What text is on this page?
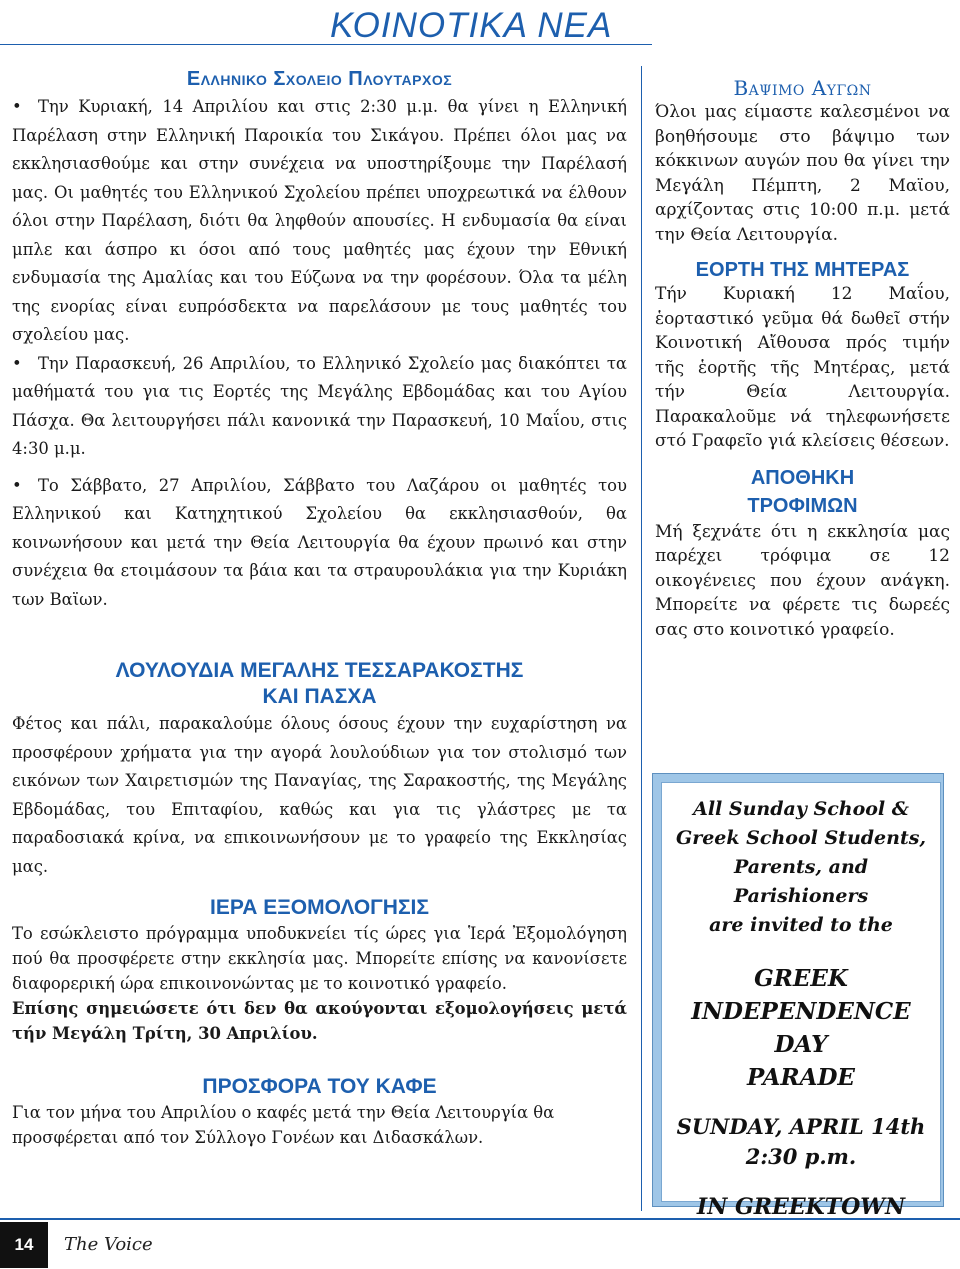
ΚΟΙΝΟΤΙΚΑ ΝΕΑ
Ελληνικο Σχολειο Πλουταρχος

• Την Κυριακή, 14 Απριλίου και στις 2:30 μ.μ. θα γίνει η Ελληνική Παρέλαση στην Ελληνική Παροικία του Σικάγου. Πρέπει όλοι μας να εκκλησιασθούμε και στην συνέχεια να υποστηρίξουμε την Παρέλασή μας. Οι μαθητές του Ελληνικού Σχολείου πρέπει υποχρεωτικά να έλθουν όλοι στην Παρέλαση, διότι θα ληφθούν απουσίες. Η ενδυμασία θα είναι μπλε και άσπρο κι όσοι από τους μαθητές μας έχουν την Εθνική ενδυμασία της Αμαλίας και του Εύζωνα να την φορέσουν. Όλα τα μέλη της ενορίας είναι ευπρόσδεκτα να παρελάσουν με τους μαθητές του σχολείου μας.

• Την Παρασκευή, 26 Απριλίου, το Ελληνικό Σχολείο μας διακόπτει τα μαθήματά του για τις Εορτές της Μεγάλης Εβδομάδας και του Αγίου Πάσχα. Θα λειτουργήσει πάλι κανονικά την Παρασκευή, 10 Μαΐου, στις 4:30 μ.μ.

• Το Σάββατο, 27 Απριλίου, Σάββατο του Λαζάρου οι μαθητές του Ελληνικού και Κατηχητικού Σχολείου θα εκκλησιασθούν, θα κοινωνήσουν και μετά την Θεία Λειτουργία θα έχουν πρωινό και στην συνέχεια θα ετοιμάσουν τα βάια και τα στραυρουλάκια για την Κυριάκη των Βαϊων.

ΛΟΥΛΟΥΔΙΑ ΜΕΓΑΛΗΣ ΤΕΣΣΑΡΑΚΟΣΤΗΣ
ΚΑΙ ΠΑΣΧΑ

Φέτος και πάλι, παρακαλούμε όλους όσους έχουν την ευχαρίστηση να προσφέρουν χρήματα για την αγορά λουλούδιων για τον στολισμό των εικόνων των Χαιρετισμών της Παναγίας, της Σαρακοστής, της Μεγάλης Εβδομάδας, του Επιταφίου, καθώς και για τις γλάστρες με τα παραδοσιακά κρίνα, να επικοινωνήσουν με το γραφείο της Εκκλησίας μας.

ΙΕΡΑ ΕΞΟΜΟΛΟΓΗΣΙΣ

Το εσώκλειστο πρόγραμμα υποδυκνείει τίς ώρες για Ἱερά Ἐξομολόγηση πού θα προσφέρετε στην εκκλησία μας. Μπορείτε επίσης να κανονίσετε διαφορερική ώρα επικοινονώντας με το κοινοτικό γραφείο.

Επίσης σημειώσετε ότι δεν θα ακούγονται εξομολογήσεις μετά τήν Μεγάλη Τρίτη, 30 Απριλίου.

ΠΡΟΣΦΟΡΑ ΤΟΥ ΚΑΦΕ

Για τον μήνα του Απριλίου ο καφές μετά την Θεία Λειτουργία θα προσφέρεται από τον Σύλλογο Γονέων και Διδασκάλων.

Βαψιμο Αυγων

Όλοι μας είμαστε καλεσμένοι να βοηθήσουμε στο βάψιμο των κόκκινων αυγών που θα γίνει την Μεγάλη Πέμπτη, 2 Μαϊου, αρχίζοντας στις 10:00 π.μ. μετά την Θεία Λειτουργία.

ΕΟΡΤΗ ΤΗΣ ΜΗΤΕΡΑΣ

Τήν Κυριακή 12 Μαΐου, ἑορταστικό γεῦμα θά δωθεῖ στήν Κοινοτική Αἴθουσα πρός τιμήν τῆς ἑορτῆς τῆς Μητέρας, μετά τήν Θεία Λειτουργία. Παρακαλοῦμε νά τηλεφωνήσετε στό Γραφεῖο γιά κλείσεις θέσεων.

ΑΠΟΘΗΚΗ
ΤΡΟΦΙΜΩΝ

Μή ξεχνάτε ότι η εκκλησία μας παρέχει τρόφιμα σε 12 οικογένειες που έχουν ανάγκη. Μπορείτε να φέρετε τις δωρεές σας στο κοινοτικό γραφείο.

All Sunday School &
Greek School Students,
Parents, and Parishioners
are invited to the
GREEK
INDEPENDENCE DAY
PARADE
SUNDAY, APRIL 14th
2:30 p.m.
IN GREEKTOWN
14	The Voice
